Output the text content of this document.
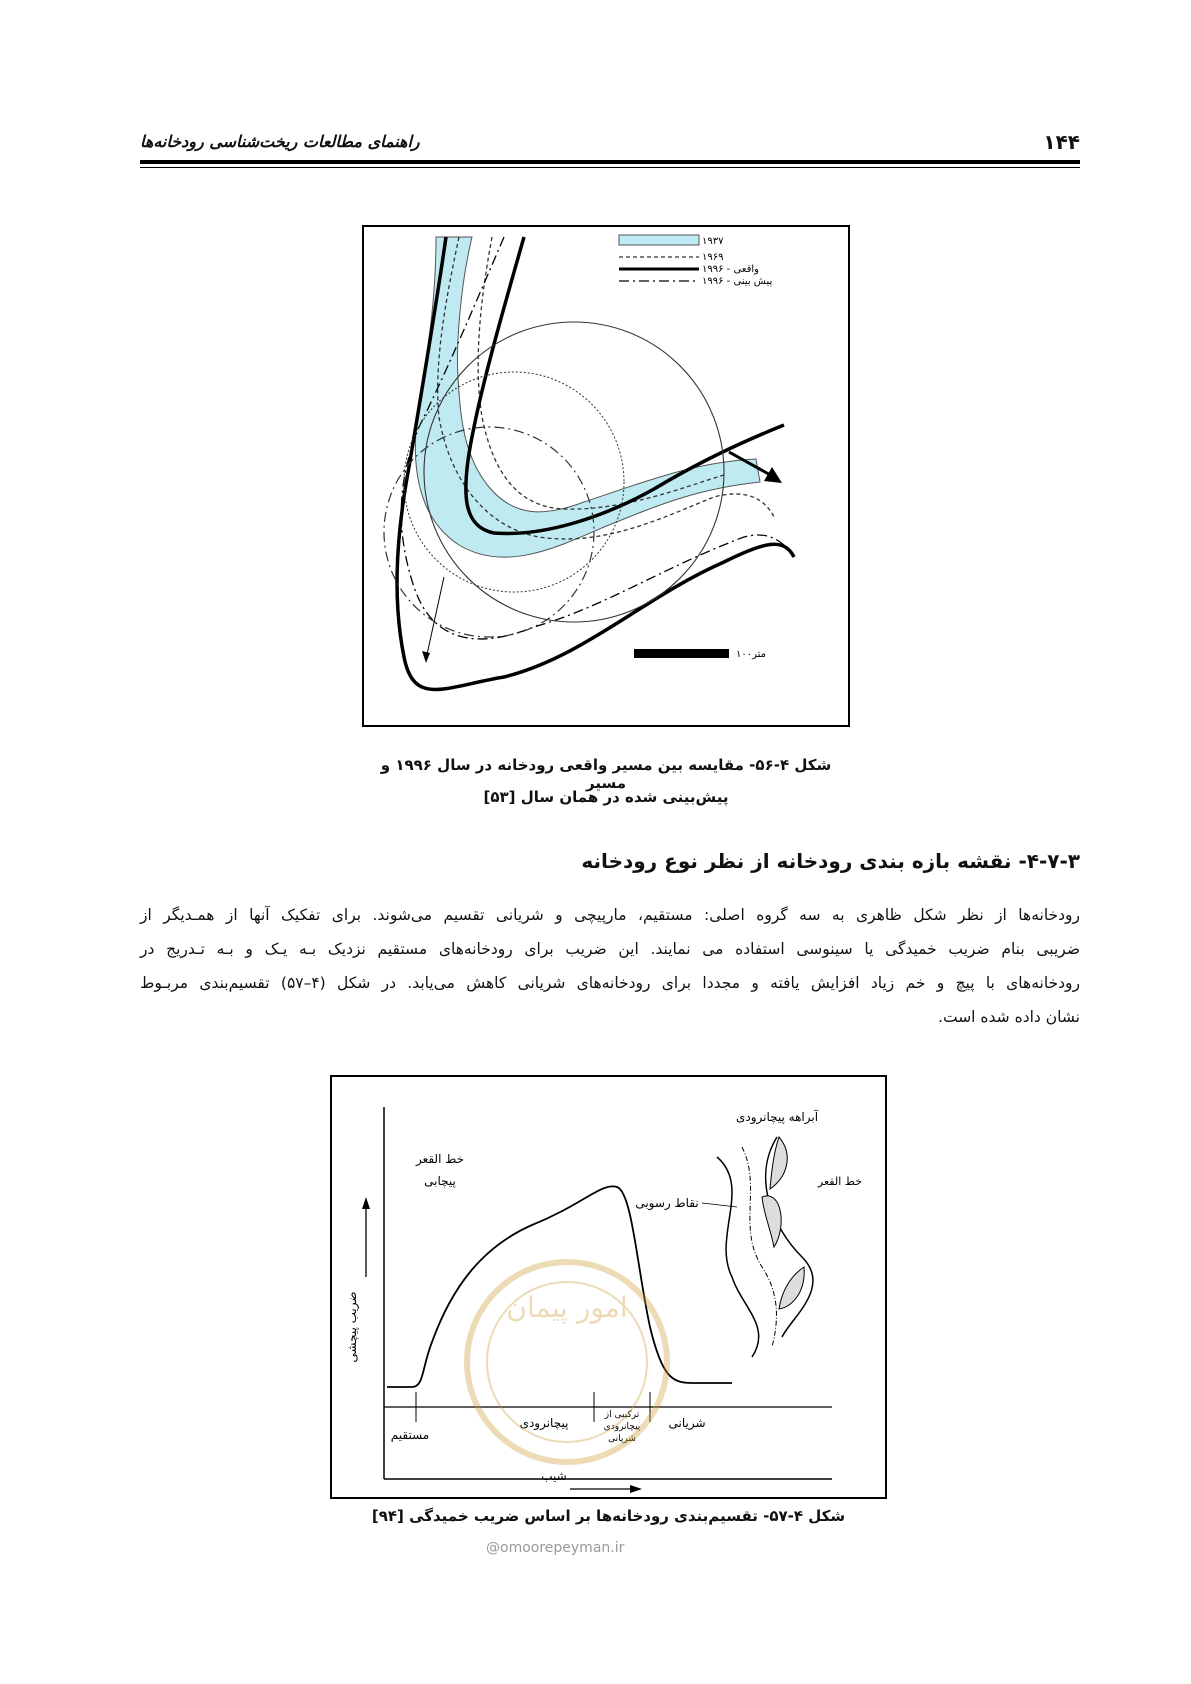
۱۴۴
راهنمای مطالعات ریخت‌شناسی رودخانه‌ها
۱۹۳۷
۱۹۶۹
۱۹۹۶ - واقعی
۱۹۹۶ - پیش بینی
۱۰۰متر
شکل ۴-۵۶- مقایسه بین مسیر واقعی رودخانه در سال ۱۹۹۶ و مسیر
پیش‌بینی شده در همان سال [۵۳]
۴-۷-۳- نقشه بازه بندی رودخانه از نظر نوع رودخانه
رودخانه‌ها از نظر شکل ظاهری به سه گروه اصلی: مستقیم، مارپیچی و شریانی تقسیم می‌شوند. برای تفکیک آنها از همـدیگر از
ضریبی بنام ضریب خمیدگی یا سینوسی استفاده می نمایند. این ضریب برای رودخانه‌های مستقیم نزدیک بـه یـک و بـه تـدریج در
رودخانه‌های با پیچ و خم زیاد افزایش یافته و مجددا برای رودخانه‌های شریانی کاهش می‌یابد. در شکل (۴–۵۷) تقسیم‌بندی مربـوط
نشان داده شده است.
ضریب پیچشی
شیب
مستقیم
پیچانرودی
ترکیبی از
پیچانرودی
شریانی
شریانی
خط القعر
پیچابی
آبراهه پیچانرودی
خط القعر
نقاط رسوبی
امور پیمان
شکل ۴-۵۷- تقسیم‌بندی رودخانه‌ها بر اساس ضریب خمیدگی [۹۴]
@omoorepeyman.ir
